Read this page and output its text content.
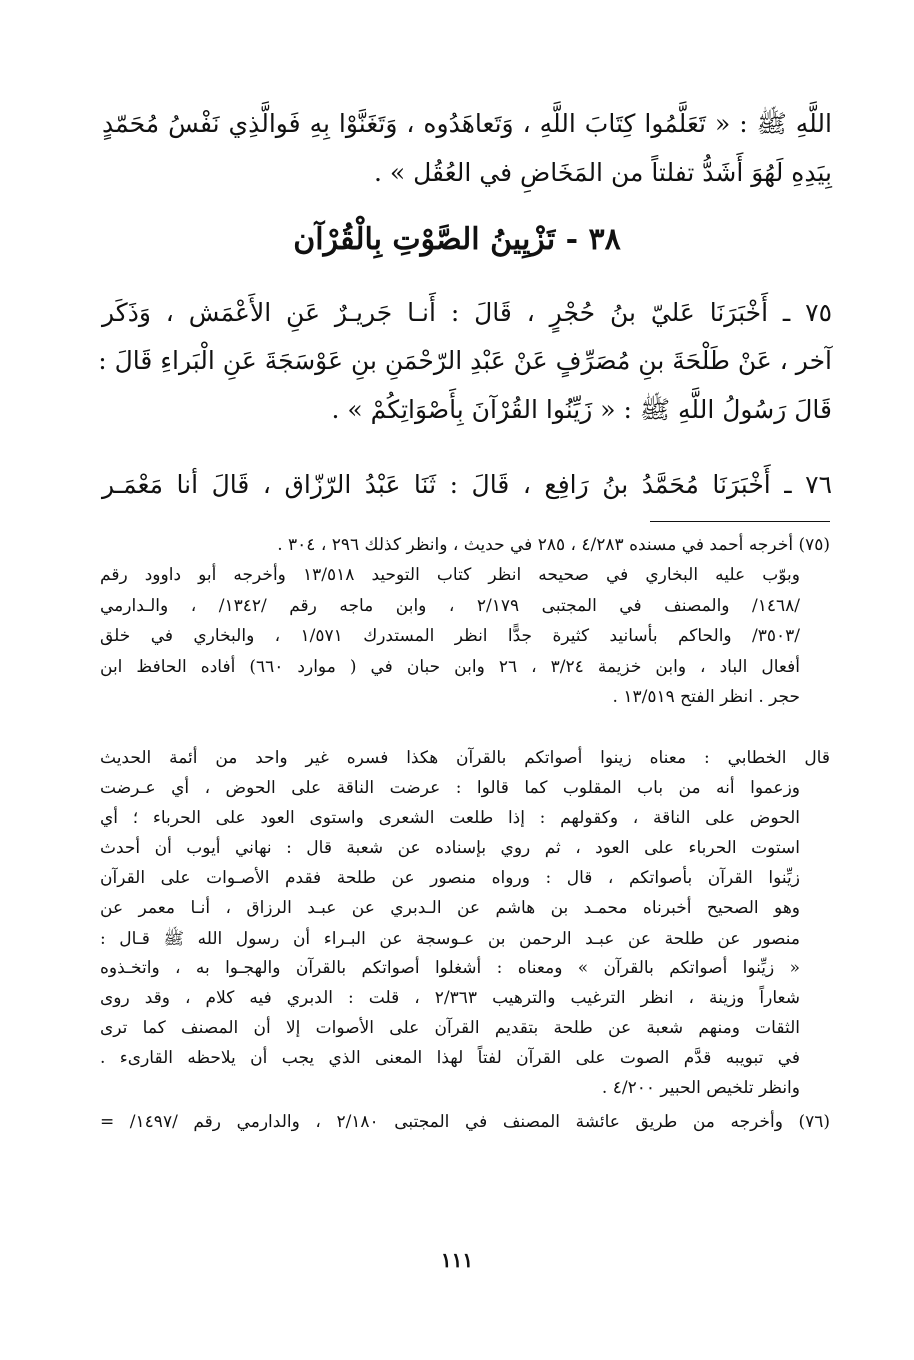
اللَّهِ ﷺ : « تَعَلَّمُوا كِتَابَ اللَّهِ ، وَتَعاهَدُوه ، وَتَغَنَّوْا بِهِ فَوالَّذِي نَفْسُ مُحَمّدٍ
بِيَدِهِ لَهُوَ أَشَدُّ تفلتاً من المَخَاضِ في العُقُل » .
٣٨ - تَزْيِينُ الصَّوْتِ بِالْقُرْآن
٧٥ ـ أَخْبَرَنَا عَليّ بنُ حُجْرٍ ، قَالَ : أَنـا جَريـرٌ عَنِ الأَعْمَش ، وَذَكَر
آخر ، عَنْ طَلْحَةَ بنِ مُصَرِّفٍ عَنْ عَبْدِ الرّحْمَنِ بنِ عَوْسَجَةَ عَنِ الْبَراءِ قَالَ :
قَالَ رَسُولُ اللَّهِ ﷺ : « زَيِّنُوا القُرْآنَ بِأَصْوَاتِكُمْ » .
٧٦ ـ أَخْبَرَنَا مُحَمَّدُ بنُ رَافِع ، قَالَ : ثَنَا عَبْدُ الرّزّاق ، قَالَ أنا مَعْمَـر
(٧٥) أخرجه أحمد في مسنده ٤/٢٨٣ ، ٢٨٥ في حديث ، وانظر كذلك ٢٩٦ ، ٣٠٤ .
وبوّب عليه البخاري في صحيحه انظر كتاب التوحيد ١٣/٥١٨ وأخرجه أبو داوود رقم
/١٤٦٨/ والمصنف في المجتبى ٢/١٧٩ ، وابن ماجه رقم /١٣٤٢/ ، والـدارمي
/٣٥٠٣/ والحاكم بأسانيد كثيرة جدًّا انظر المستدرك ١/٥٧١ ، والبخاري في خلق
أفعال الباد ، وابن خزيمة ٣/٢٤ ، ٢٦ وابن حبان في ( موارد ٦٦٠) أفاده الحافظ ابن
حجر . انظر الفتح ١٣/٥١٩ .
قال الخطابي : معناه زينوا أصواتكم بالقرآن هكذا فسره غير واحد من أئمة الحديث
وزعموا أنه من باب المقلوب كما قالوا : عرضت الناقة على الحوض ، أي عـرضت
الحوض على الناقة ، وكقولهم : إذا طلعت الشعرى واستوى العود على الحرباء ؛ أي
استوت الحرباء على العود ، ثم روي بإسناده عن شعبة قال : نهاني أيوب أن أحدث
زيِّنوا القرآن بأصواتكم ، قال : ورواه منصور عن طلحة فقدم الأصـوات على القرآن
وهو الصحيح أخبرناه محمـد بن هاشم عن الـدبري عن عبـد الرزاق ، أنـا معمر عن
منصور عن طلحة عن عبـد الرحمن بن عـوسجة عن البـراء أن رسول الله ﷺ قـال :
« زيِّنوا أصواتكم بالقرآن » ومعناه : أشغلوا أصواتكم بالقرآن والهجـوا به ، واتخـذوه
شعاراً وزينة ، انظر الترغيب والترهيب ٢/٣٦٣ ، قلت : الدبري فيه كلام ، وقد روى
الثقات ومنهم شعبة عن طلحة بتقديم القرآن على الأصوات إلا أن المصنف كما ترى
في تبويبه قدَّم الصوت على القرآن لفتاً لهذا المعنى الذي يجب أن يلاحظه القارىء .
وانظر تلخيص الحبير ٤/٢٠٠ .
(٧٦) وأخرجه من طريق عائشة المصنف في المجتبى ٢/١٨٠ ، والدارمي رقم /١٤٩٧/ =
١١١
